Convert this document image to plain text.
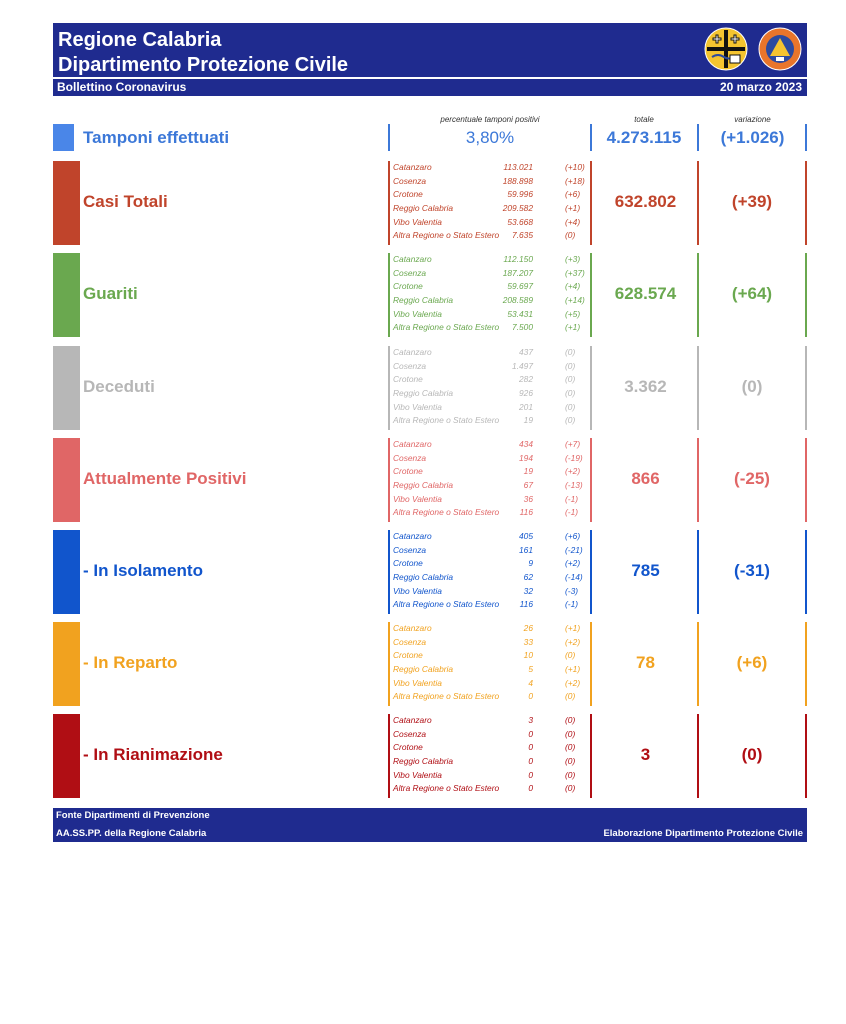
Regione Calabria
Dipartimento Protezione Civile
Bollettino Coronavirus	20 marzo 2023
percentuale tamponi positivi	totale	variazione
Tamponi effettuati	3,80%	4.273.115	(+1.026)
Casi Totali
Catanzaro	113.021	(+10)
Cosenza	188.898	(+18)
Crotone	59.996	(+6)
Reggio Calabria	209.582	(+1)
Vibo Valentia	53.668	(+4)
Altra Regione o Stato Estero 7.635	(0)
632.802	(+39)
Guariti
Catanzaro	112.150	(+3)
Cosenza	187.207	(+37)
Crotone	59.697	(+4)
Reggio Calabria	208.589	(+14)
Vibo Valentia	53.431	(+5)
Altra Regione o Stato Estero 7.500	(+1)
628.574	(+64)
Deceduti
Catanzaro	437	(0)
Cosenza	1.497	(0)
Crotone	282	(0)
Reggio Calabria	926	(0)
Vibo Valentia	201	(0)
Altra Regione o Stato Estero	19	(0)
3.362	(0)
Attualmente Positivi
Catanzaro	434	(+7)
Cosenza	194	(-19)
Crotone	19	(+2)
Reggio Calabria	67	(-13)
Vibo Valentia	36	(-1)
Altra Regione o Stato Estero 116	(-1)
866	(-25)
- In Isolamento
Catanzaro	405	(+6)
Cosenza	161	(-21)
Crotone	9	(+2)
Reggio Calabria	62	(-14)
Vibo Valentia	32	(-3)
Altra Regione o Stato Estero 116	(-1)
785	(-31)
- In Reparto
Catanzaro	26	(+1)
Cosenza	33	(+2)
Crotone	10	(0)
Reggio Calabria	5	(+1)
Vibo Valentia	4	(+2)
Altra Regione o Stato Estero	0	(0)
78	(+6)
- In Rianimazione
Catanzaro	3	(0)
Cosenza	0	(0)
Crotone	0	(0)
Reggio Calabria	0	(0)
Vibo Valentia	0	(0)
Altra Regione o Stato Estero	0	(0)
3	(0)
Fonte Dipartimenti di Prevenzione
AA.SS.PP. della Regione Calabria	Elaborazione Dipartimento Protezione Civile
